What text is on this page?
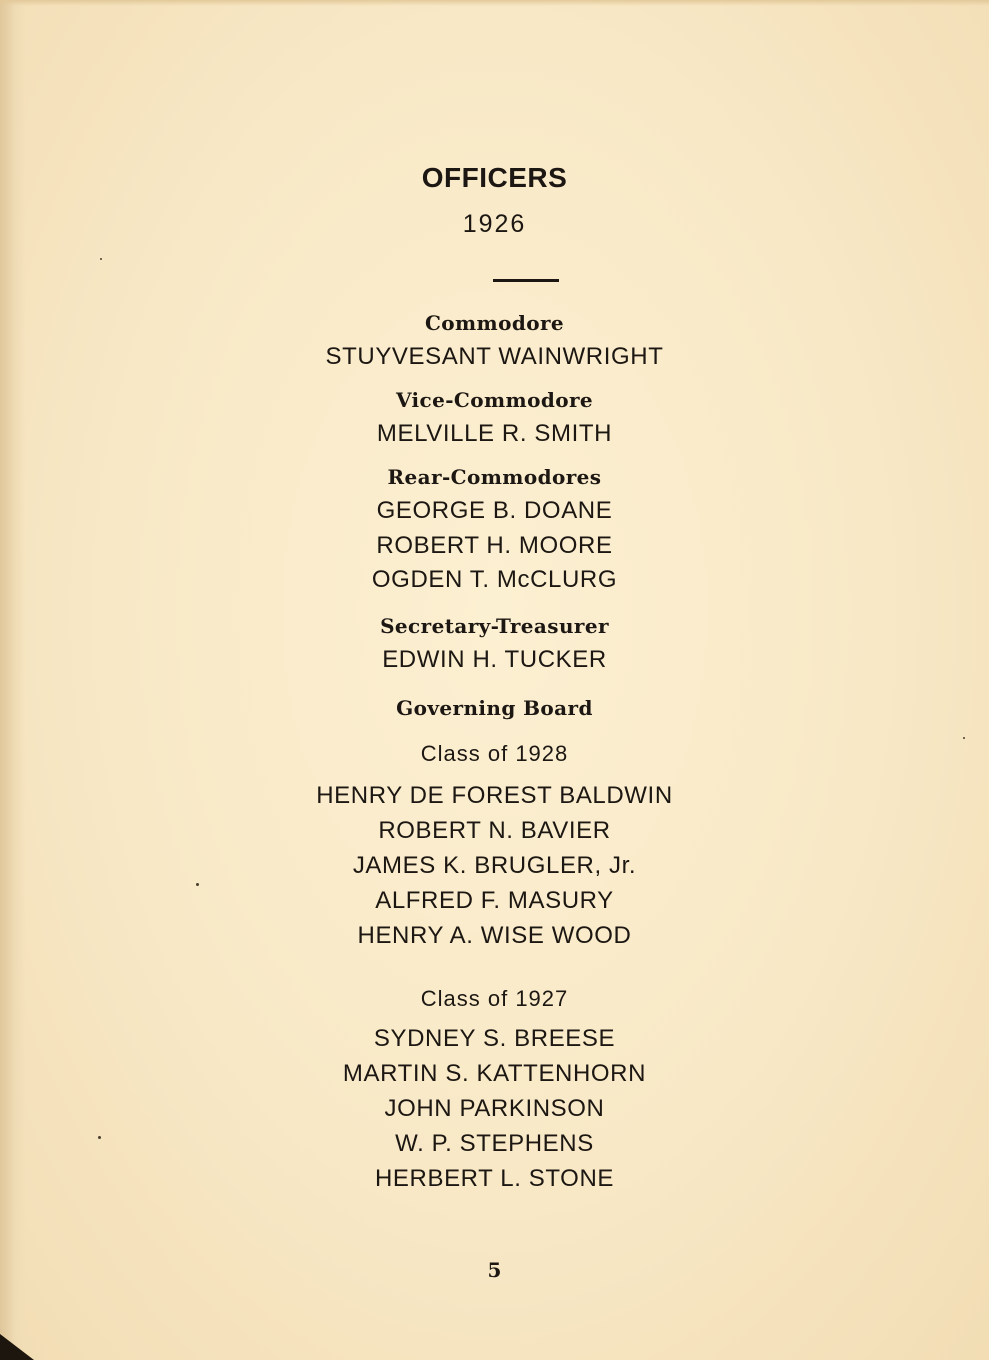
OFFICERS
1926
Commodore
STUYVESANT WAINWRIGHT
Vice-Commodore
MELVILLE R. SMITH
Rear-Commodores
GEORGE B. DOANE
ROBERT H. MOORE
OGDEN T. McCLURG
Secretary-Treasurer
EDWIN H. TUCKER
Governing Board
Class of 1928
HENRY DE FOREST BALDWIN
ROBERT N. BAVIER
JAMES K. BRUGLER, Jr.
ALFRED F. MASURY
HENRY A. WISE WOOD
Class of 1927
SYDNEY S. BREESE
MARTIN S. KATTENHORN
JOHN PARKINSON
W. P. STEPHENS
HERBERT L. STONE
5
